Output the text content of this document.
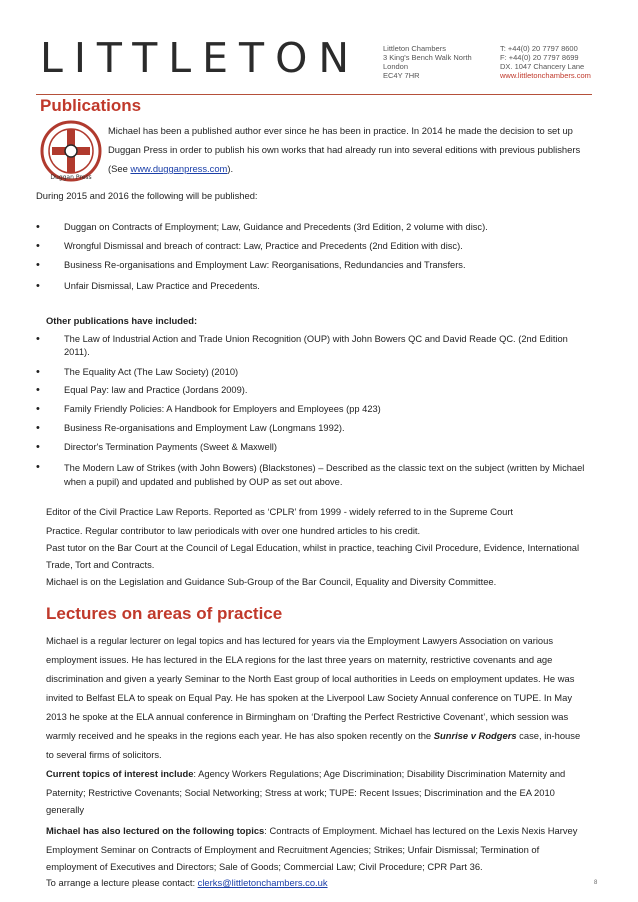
LITTLETON	Littleton Chambers
3 King's Bench Walk North
London
EC4Y 7HR
T: +44(0) 20 7797 8600
F: +44(0) 20 7797 8699
DX. 1047 Chancery Lane
www.littletonchambers.com
Publications
Duggan Press

Michael has been a published author ever since he has been in practice. In 2014 he made the decision to set up

Duggan Press in order to publish his own works that had already run into several editions with previous publishers

(See www.dugganpress.com).

During 2015 and 2016 the following will be published:

•	Duggan on Contracts of Employment; Law, Guidance and Precedents (3rd Edition, 2 volume with disc).
•	Wrongful Dismissal and breach of contract: Law, Practice and Precedents (2nd Edition with disc).
•	Business Re-organisations and Employment Law: Reorganisations, Redundancies and Transfers.
•	Unfair Dismissal, Law Practice and Precedents.

Other publications have included:

•	The Law of Industrial Action and Trade Union Recognition (OUP) with John Bowers QC and David Reade QC. (2nd Edition
2011).
•	The Equality Act (The Law Society) (2010)
•	Equal Pay: law and Practice (Jordans 2009).
•	Family Friendly Policies: A Handbook for Employers and Employees (pp 423)
•	Business Re-organisations and Employment Law (Longmans 1992).
•	Director's Termination Payments (Sweet & Maxwell)
•	The Modern Law of Strikes (with John Bowers) (Blackstones) – Described as the classic text on the subject (written by Michael
when a pupil) and updated and published by OUP as set out above.

Editor of the Civil Practice Law Reports. Reported as ‘CPLR’ from 1999 - widely referred to in the Supreme Court

Practice. Regular contributor to law periodicals with over one hundred articles to his credit.

Past tutor on the Bar Court at the Council of Legal Education, whilst in practice, teaching Civil Procedure, Evidence, International

Trade, Tort and Contracts.

Michael is on the Legislation and Guidance Sub-Group of the Bar Council, Equality and Diversity Committee.

Lectures on areas of practice

Michael is a regular lecturer on legal topics and has lectured for years via the Employment Lawyers Association on various

employment issues. He has lectured in the ELA regions for the last three years on maternity, restrictive covenants and age

discrimination and given a yearly Seminar to the North East group of local authorities in Leeds on employment updates. He was

invited to Belfast ELA to speak on Equal Pay. He has spoken at the Liverpool Law Society Annual conference on TUPE. In May

2013 he spoke at the ELA annual conference in Birmingham on ‘Drafting the Perfect Restrictive Covenant’, which session was

warmly received and he speaks in the regions each year. He has also spoken recently on the Sunrise v Rodgers case, in-house

to several firms of solicitors.

Current topics of interest include: Agency Workers Regulations; Age Discrimination; Disability Discrimination Maternity and

Paternity; Restrictive Covenants; Social Networking; Stress at work; TUPE: Recent Issues; Discrimination and the EA 2010

generally

Michael has also lectured on the following topics: Contracts of Employment. Michael has lectured on the Lexis Nexis Harvey

Employment Seminar on Contracts of Employment and Recruitment Agencies; Strikes; Unfair Dismissal; Termination of

employment of Executives and Directors; Sale of Goods; Commercial Law; Civil Procedure; CPR Part 36.

To arrange a lecture please contact: clerks@littletonchambers.co.uk	8
